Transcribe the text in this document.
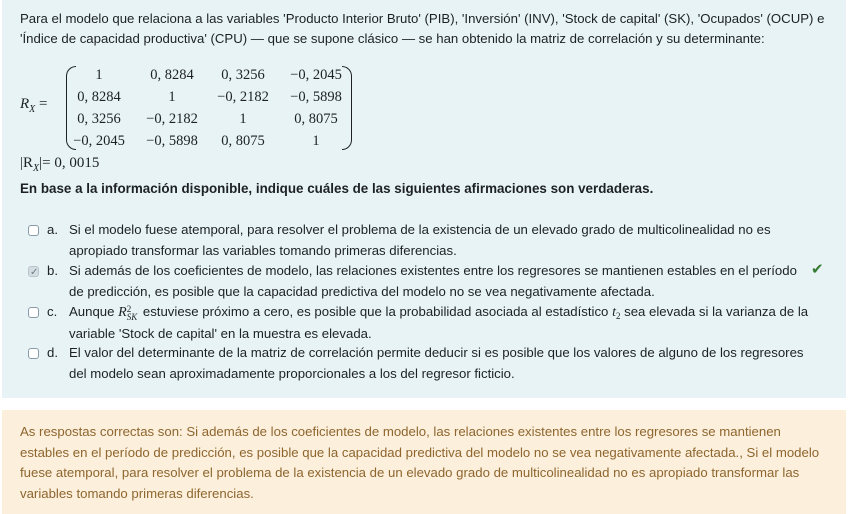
Para el modelo que relaciona a las variables 'Producto Interior Bruto' (PIB), 'Inversión' (INV), 'Stock de capital' (SK), 'Ocupados' (OCUP) e 'Índice de capacidad productiva' (CPU) — que se supone clásico — se han obtenido la matriz de correlación y su determinante:
$R_X$ =
1	0, 8284	0, 3256	−0, 2045
0, 8284	1	−0, 2182	−0, 5898
0, 3256	−0, 2182	1	0, 8075
−0, 2045	−0, 5898	0, 8075	1
$|R_X|= 0$, 0015
En base a la información disponible, indique cuáles de las siguientes afirmaciones son verdaderas.
a. Si el modelo fuese atemporal, para resolver el problema de la existencia de un elevado grado de multicolinealidad no es apropiado transformar las variables tomando primeras diferencias.
✓
b. Si además de los coeficientes de modelo, las relaciones existentes entre los regresores se mantienen estables en el período de predicción, es posible que la capacidad predictiva del modelo no se vea negativamente afectada.
✔
c. Aunque R 2
SK estuviese próximo a cero, es posible que la probabilidad asociada al estadístico $t_2$ sea elevada si la varianza de la variable 'Stock de capital' en la muestra es elevada.
d. El valor del determinante de la matriz de correlación permite deducir si es posible que los valores de alguno de los regresores del modelo sean aproximadamente proporcionales a los del regresor ficticio.
As respostas correctas son: Si además de los coeficientes de modelo, las relaciones existentes entre los regresores se mantienen estables en el período de predicción, es posible que la capacidad predictiva del modelo no se vea negativamente afectada., Si el modelo fuese atemporal, para resolver el problema de la existencia de un elevado grado de multicolinealidad no es apropiado transformar las variables tomando primeras diferencias.
